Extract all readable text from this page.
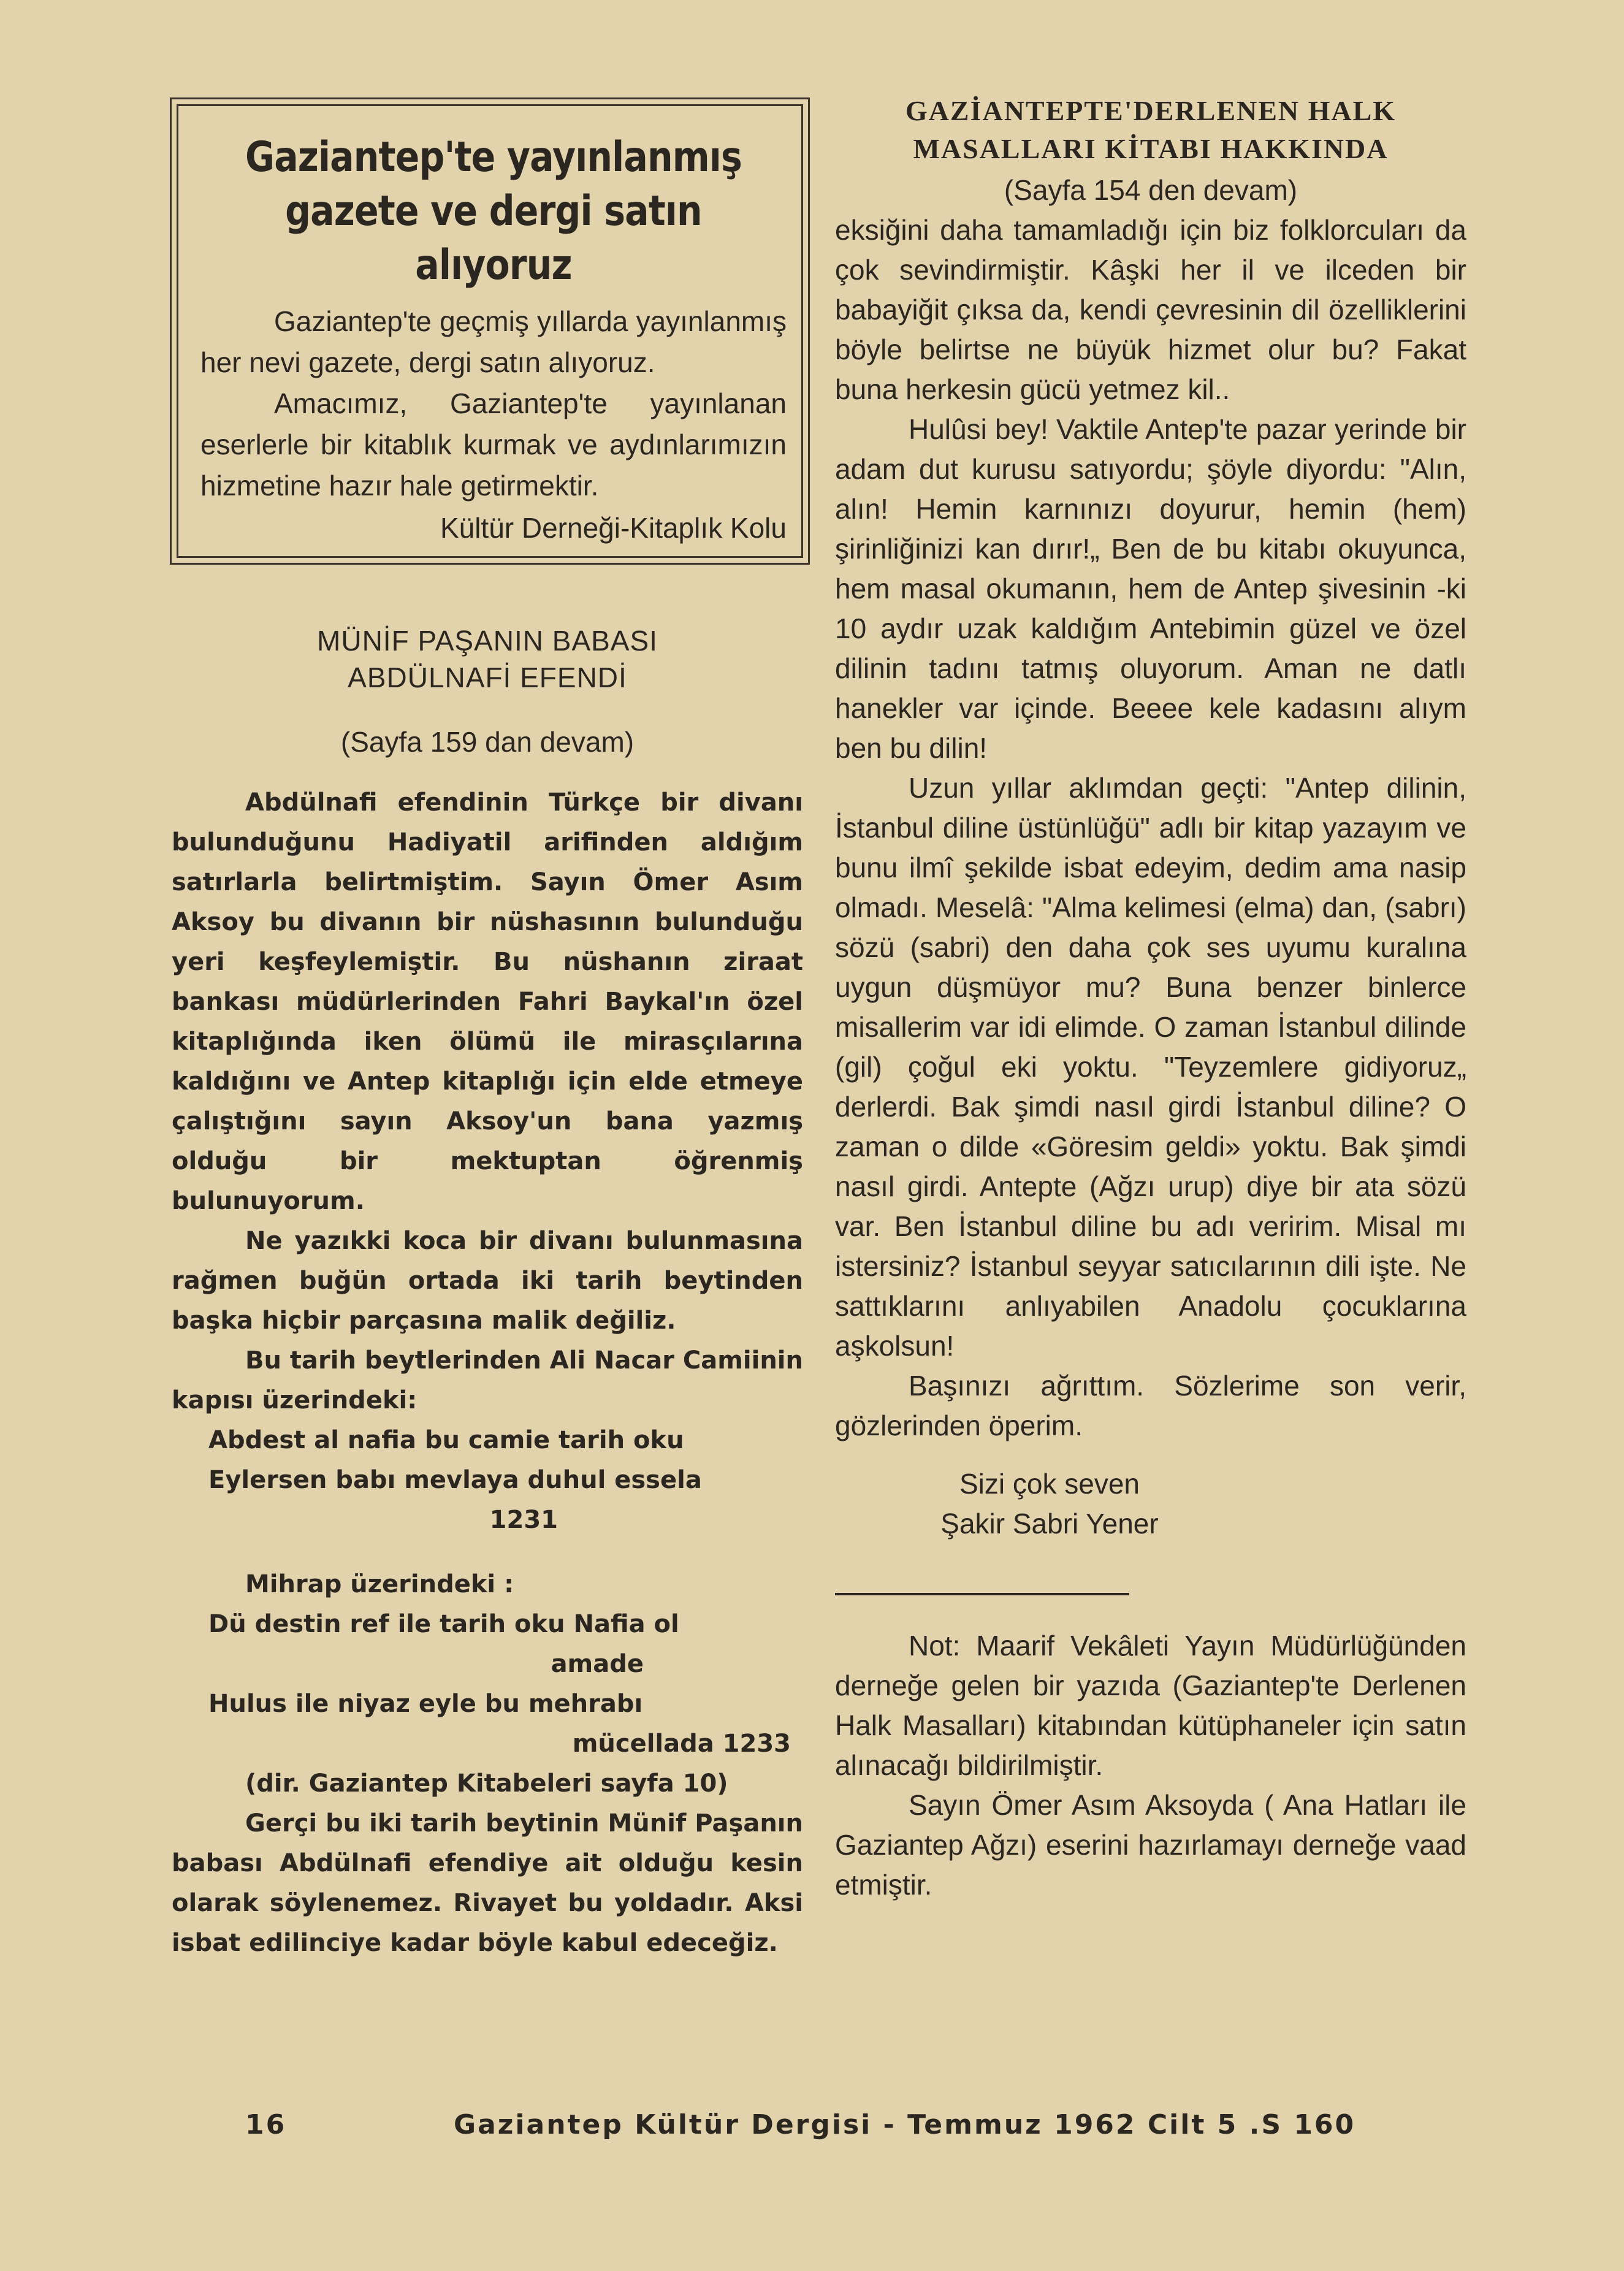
Gaziantep'te yayınlanmış gazete ve dergi satın alıyoruz

Gaziantep'te geçmiş yıllarda yayınlanmış her nevi gazete, dergi satın alıyoruz.

Amacımız, Gaziantep'te yayınlanan eserlerle bir kitablık kurmak ve aydınlarımızın hizmetine hazır hale getirmektir.

Kültür Derneği-Kitaplık Kolu
MÜNİF PAŞANIN BABASI
ABDÜLNAFİ EFENDİ
(Sayfa 159 dan devam)

Abdülnafi efendinin Türkçe bir divanı bulunduğunu Hadiyatil arifinden aldığım satırlarla belirtmiştim. Sayın Ömer Asım Aksoy bu divanın bir nüshasının bulunduğu yeri keşfeylemiştir. Bu nüshanın ziraat bankası müdürlerinden Fahri Baykal'ın özel kitaplığında iken ölümü ile mirasçılarına kaldığını ve Antep kitaplığı için elde etmeye çalıştığını sayın Aksoy'un bana yazmış olduğu bir mektuptan öğrenmiş bulunuyorum.

Ne yazıkki koca bir divanı bulunmasına rağmen buğün ortada iki tarih beytinden başka hiçbir parçasına malik değiliz.

Bu tarih beytlerinden Ali Nacar Camiinin kapısı üzerindeki:

Abdest al nafia bu camie tarih oku

Eylersen babı mevlaya duhul essela

1231

Mihrap üzerindeki :

Dü destin ref ile tarih oku Nafia ol

amade

Hulus ile niyaz eyle bu mehrabı

mücellada 1233

(dir. Gaziantep Kitabeleri sayfa 10)

Gerçi bu iki tarih beytinin Münif Paşanın babası Abdülnafi efendiye ait olduğu kesin olarak söylenemez. Rivayet bu yoldadır. Aksi isbat edilinciye kadar böyle kabul edeceğiz.

GAZİANTEPTE'DERLENEN HALK
MASALLARI KİTABI HAKKINDA
(Sayfa 154 den devam)

eksiğini daha tamamladığı için biz folklorcuları da çok sevindirmiştir. Kâşki her il ve ilceden bir babayiğit çıksa da, kendi çevresinin dil özelliklerini böyle belirtse ne büyük hizmet olur bu? Fakat buna herkesin gücü yetmez kil..

Hulûsi bey! Vaktile Antep'te pazar yerinde bir adam dut kurusu satıyordu; şöyle diyordu: "Alın, alın! Hemin karnınızı doyurur, hemin (hem) şirinliğinizi kan dırır!„ Ben de bu kitabı okuyunca, hem masal okumanın, hem de Antep şivesinin -ki 10 aydır uzak kaldığım Antebimin güzel ve özel dilinin tadını tatmış oluyorum. Aman ne datlı hanekler var içinde. Beeee kele kadasını alıym ben bu dilin!

Uzun yıllar aklımdan geçti: "Antep dilinin, İstanbul diline üstünlüğü" adlı bir kitap yazayım ve bunu ilmî şekilde isbat edeyim, dedim ama nasip olmadı. Meselâ: "Alma kelimesi (elma) dan, (sabrı) sözü (sabri) den daha çok ses uyumu kuralına uygun düşmüyor mu? Buna benzer binlerce misallerim var idi elimde. O zaman İstanbul dilinde (gil) çoğul eki yoktu. "Teyzemlere gidiyoruz„ derlerdi. Bak şimdi nasıl girdi İstanbul diline? O zaman o dilde «Göresim geldi» yoktu. Bak şimdi nasıl girdi. Antepte (Ağzı urup) diye bir ata sözü var. Ben İstanbul diline bu adı veririm. Misal mı istersiniz? İstanbul seyyar satıcılarının dili işte. Ne sattıklarını anlıyabilen Anadolu çocuklarına aşkolsun!

Başınızı ağrıttım. Sözlerime son verir, gözlerinden öperim.

Sizi çok seven
Şakir Sabri Yener

Not: Maarif Vekâleti Yayın Müdürlüğünden derneğe gelen bir yazıda (Gaziantep'te Derlenen Halk Masalları) kitabından kütüphaneler için satın alınacağı bildirilmiştir.

Sayın Ömer Asım Aksoyda ( Ana Hatları ile Gaziantep Ağzı) eserini hazırlamayı derneğe vaad etmiştir.

16	Gaziantep Kültür Dergisi - Temmuz 1962 Cilt 5 .S 160
